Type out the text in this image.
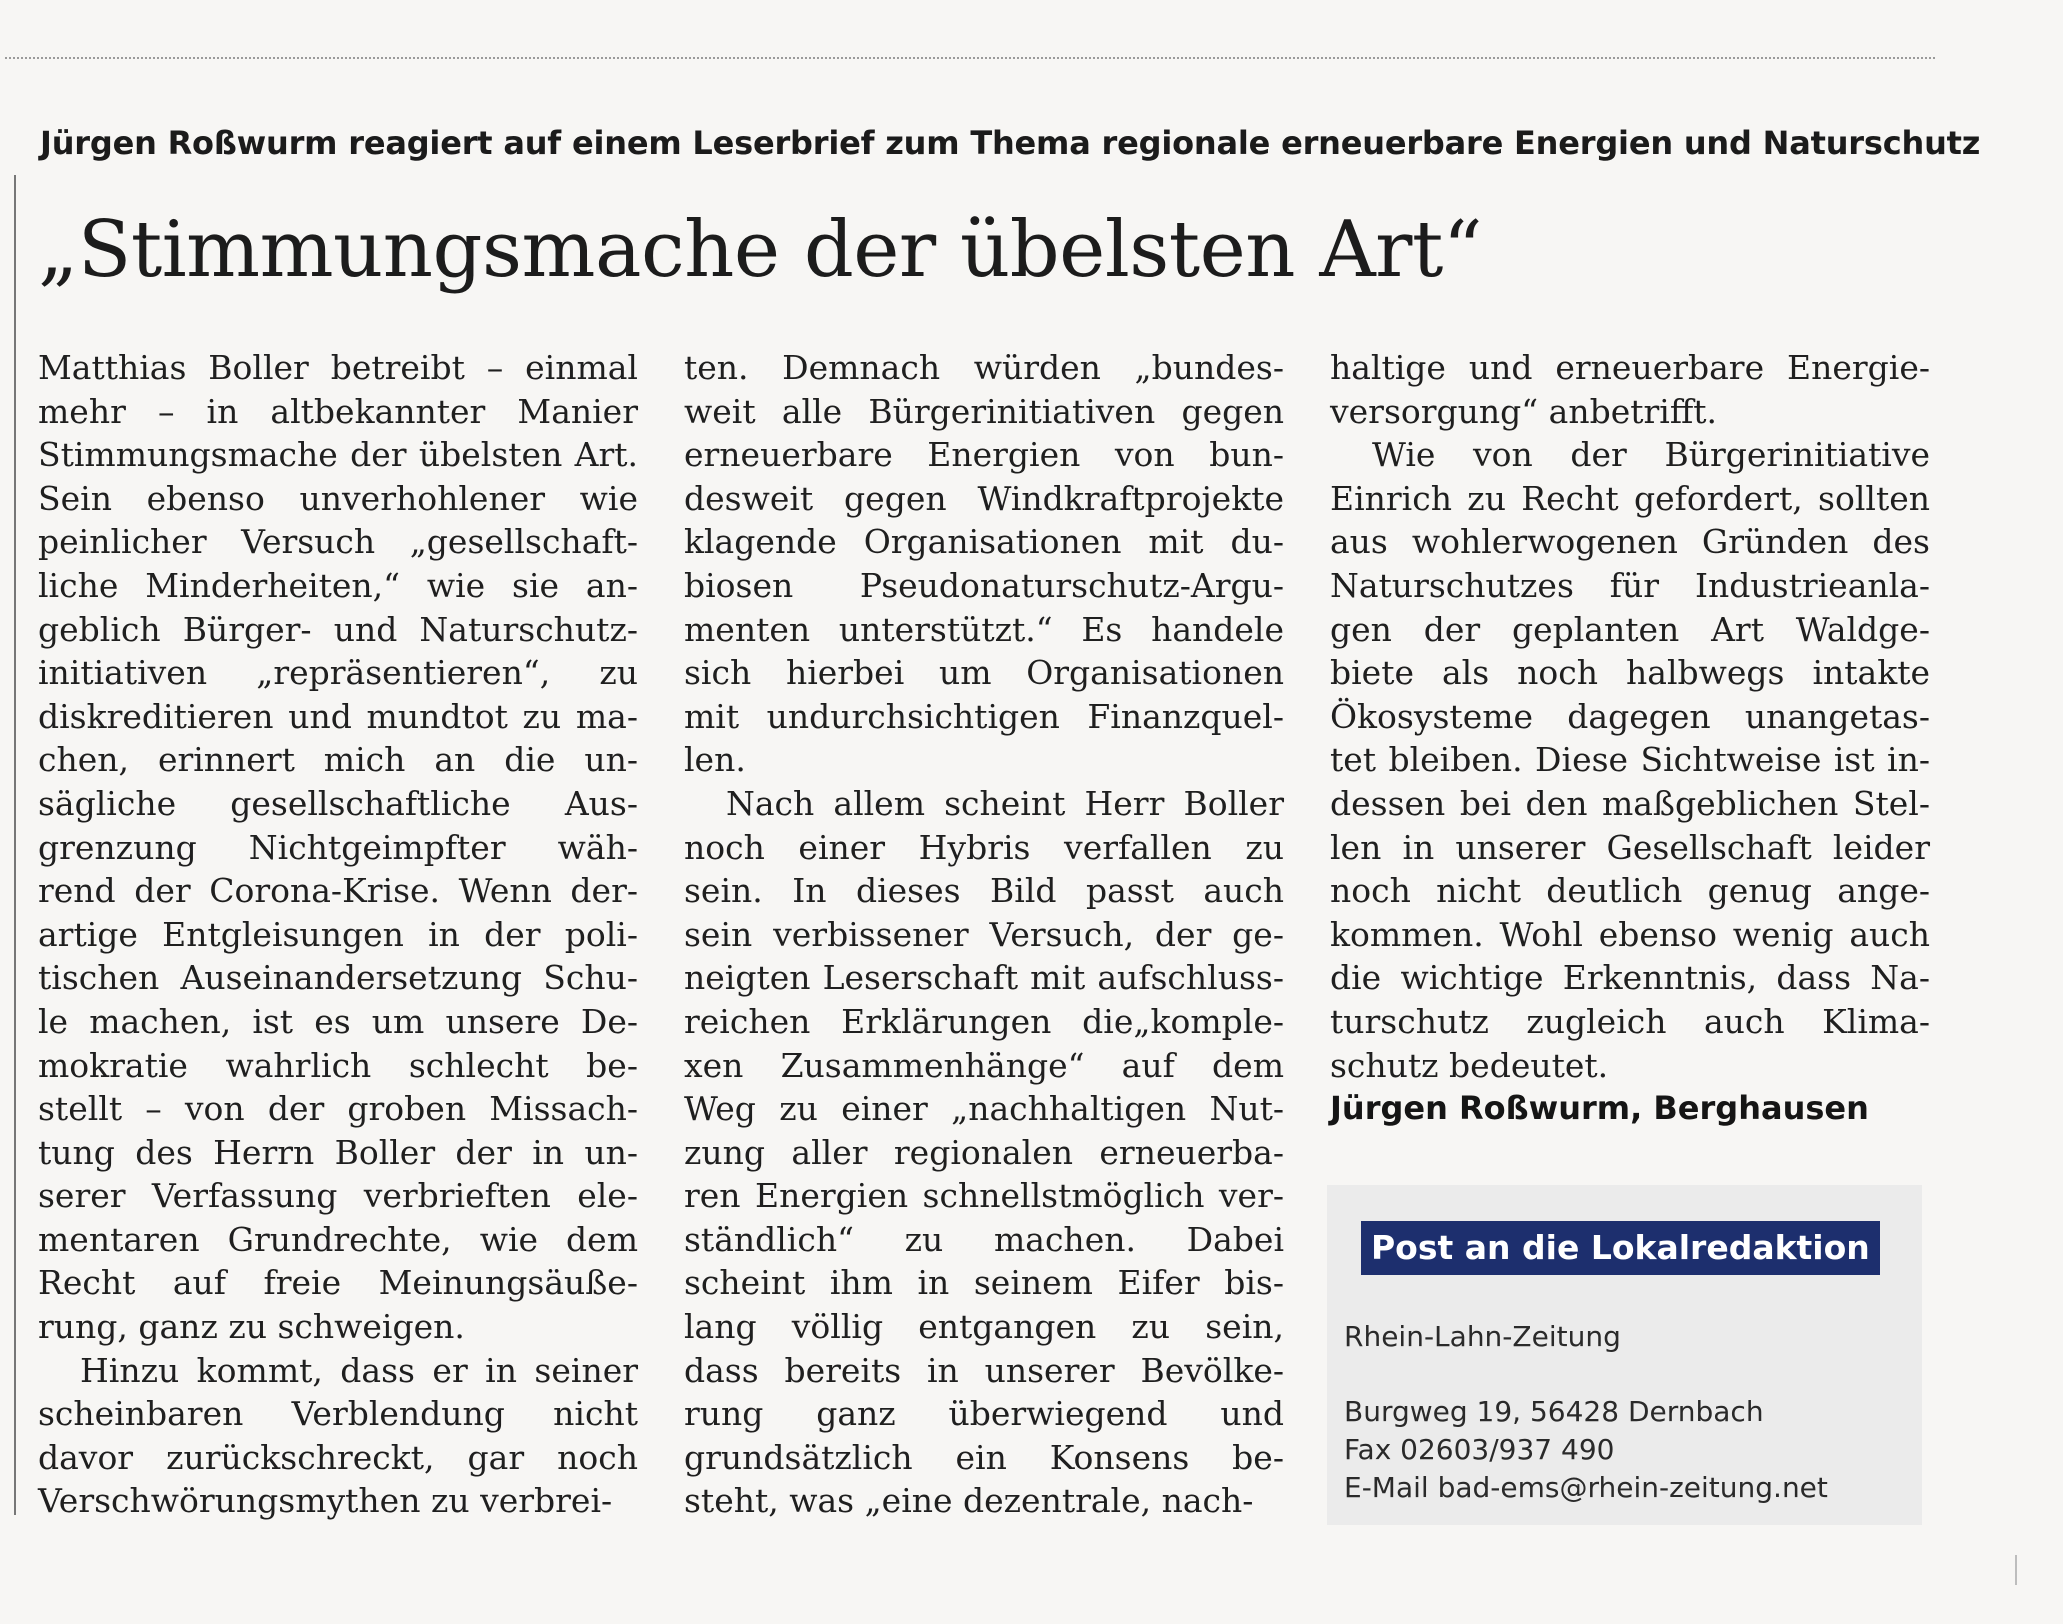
Jürgen Roßwurm reagiert auf einem Leserbrief zum Thema regionale erneuerbare Energien und Naturschutz
„Stimmungsmache der übelsten Art“
Matthias Boller betreibt – einmal
mehr – in altbekannter Manier
Stimmungsmache der übelsten Art.
Sein ebenso unverhohlener wie
peinlicher Versuch „gesellschaft-
liche Minderheiten,“ wie sie an-
geblich Bürger- und Naturschutz-
initiativen „repräsentieren“, zu
diskreditieren und mundtot zu ma-
chen, erinnert mich an die un-
sägliche gesellschaftliche Aus-
grenzung Nichtgeimpfter wäh-
rend der Corona-Krise. Wenn der-
artige Entgleisungen in der poli-
tischen Auseinandersetzung Schu-
le machen, ist es um unsere De-
mokratie wahrlich schlecht be-
stellt – von der groben Missach-
tung des Herrn Boller der in un-
serer Verfassung verbrieften ele-
mentaren Grundrechte, wie dem
Recht auf freie Meinungsäuße-
rung, ganz zu schweigen.
Hinzu kommt, dass er in seiner
scheinbaren Verblendung nicht
davor zurückschreckt, gar noch
Verschwörungsmythen zu verbrei-
ten. Demnach würden „bundes-
weit alle Bürgerinitiativen gegen
erneuerbare Energien von bun-
desweit gegen Windkraftprojekte
klagende Organisationen mit du-
biosen Pseudonaturschutz-Argu-
menten unterstützt.“ Es handele
sich hierbei um Organisationen
mit undurchsichtigen Finanzquel-
len.
Nach allem scheint Herr Boller
noch einer Hybris verfallen zu
sein. In dieses Bild passt auch
sein verbissener Versuch, der ge-
neigten Leserschaft mit aufschluss-
reichen Erklärungen die„komple-
xen Zusammenhänge“ auf dem
Weg zu einer „nachhaltigen Nut-
zung aller regionalen erneuerba-
ren Energien schnellstmöglich ver-
ständlich“ zu machen. Dabei
scheint ihm in seinem Eifer bis-
lang völlig entgangen zu sein,
dass bereits in unserer Bevölke-
rung ganz überwiegend und
grundsätzlich ein Konsens be-
steht, was „eine dezentrale, nach-
haltige und erneuerbare Energie-
versorgung“ anbetrifft.
Wie von der Bürgerinitiative
Einrich zu Recht gefordert, sollten
aus wohlerwogenen Gründen des
Naturschutzes für Industrieanla-
gen der geplanten Art Waldge-
biete als noch halbwegs intakte
Ökosysteme dagegen unangetas-
tet bleiben. Diese Sichtweise ist in-
dessen bei den maßgeblichen Stel-
len in unserer Gesellschaft leider
noch nicht deutlich genug ange-
kommen. Wohl ebenso wenig auch
die wichtige Erkenntnis, dass Na-
turschutz zugleich auch Klima-
schutz bedeutet.
Jürgen Roßwurm, Berghausen
Post an die Lokalredaktion
Rhein-Lahn-Zeitung
Burgweg 19, 56428 Dernbach
Fax 02603/937 490
E-Mail bad-ems@rhein-zeitung.net
